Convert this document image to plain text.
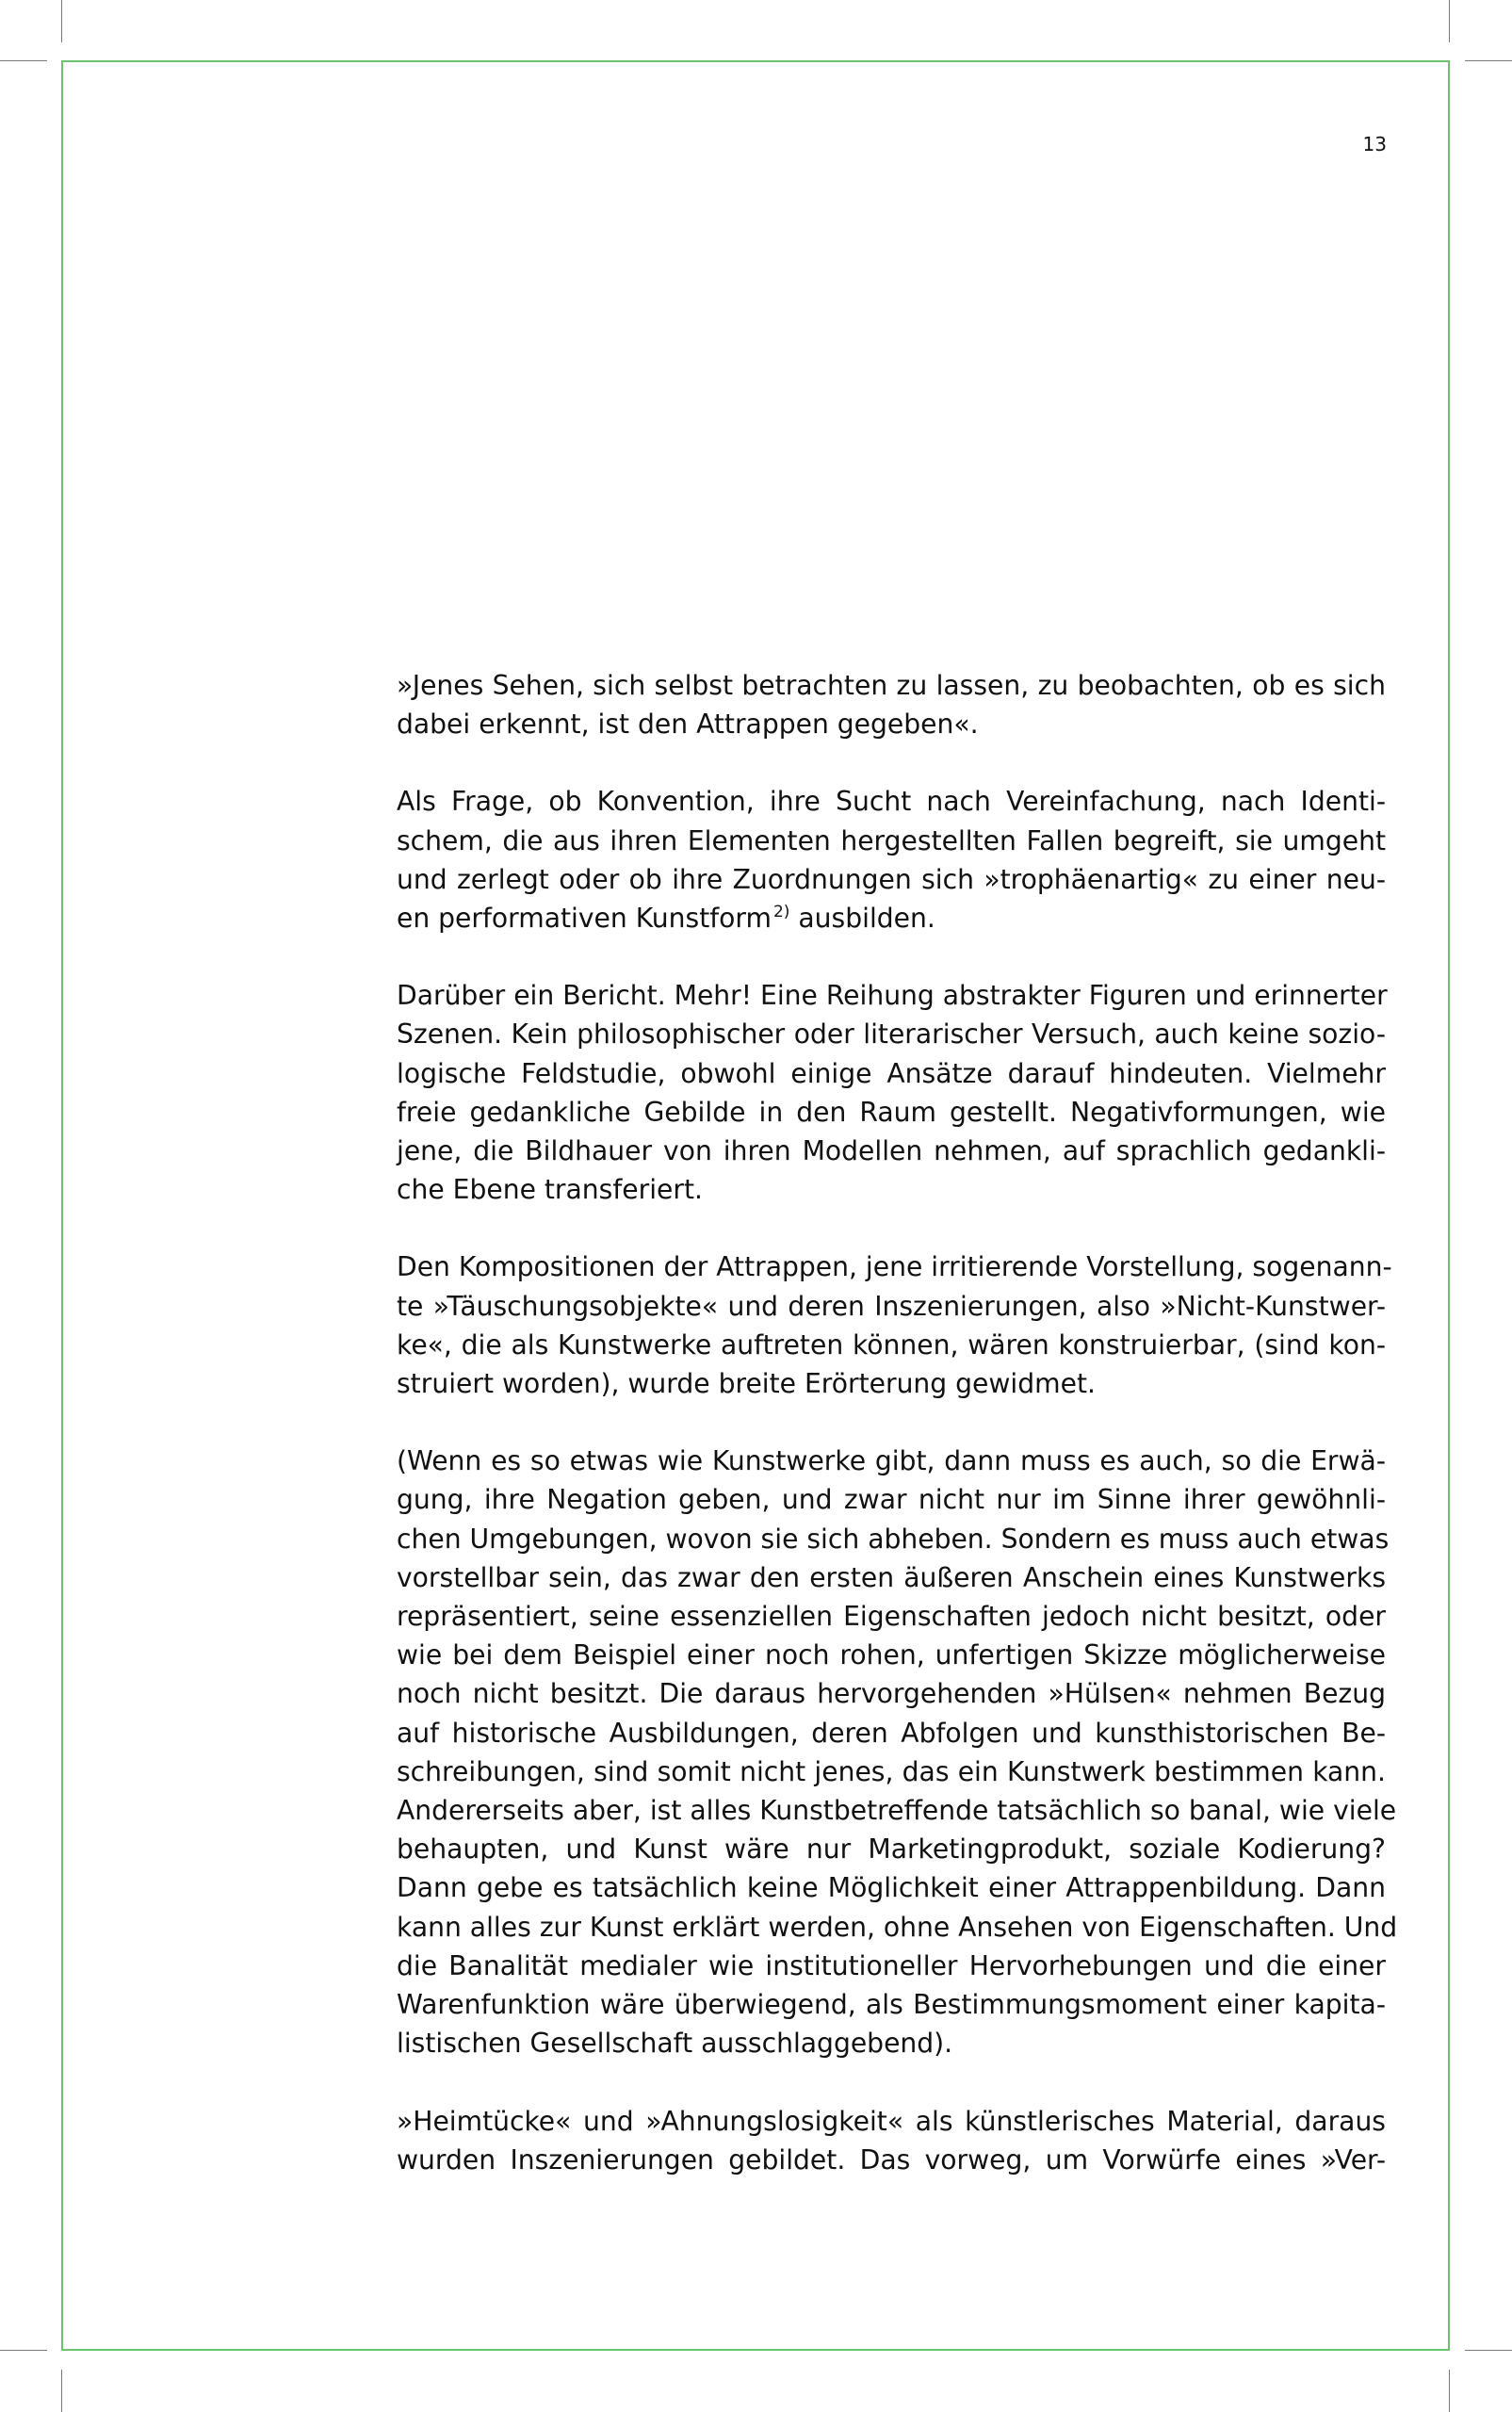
13

»Jenes Sehen, sich selbst betrachten zu lassen, zu beobachten, ob es sich
dabei erkennt, ist den Attrappen gegeben«.

Als Frage, ob Konvention, ihre Sucht nach Vereinfachung, nach Identi-
schem, die aus ihren Elementen hergestellten Fallen begreift, sie umgeht
und zerlegt oder ob ihre Zuordnungen sich »trophäenartig« zu einer neu-
en performativen Kunstform $^{2)}$ ausbilden.

Darüber ein Bericht. Mehr! Eine Reihung abstrakter Figuren und erinnerter
Szenen. Kein philosophischer oder literarischer Versuch, auch keine sozio-
logische Feldstudie, obwohl einige Ansätze darauf hindeuten. Vielmehr
freie gedankliche Gebilde in den Raum gestellt. Negativformungen, wie
jene, die Bildhauer von ihren Modellen nehmen, auf sprachlich gedankli-
che Ebene transferiert.

Den Kompositionen der Attrappen, jene irritierende Vorstellung, sogenann-
te »Täuschungsobjekte« und deren Inszenierungen, also »Nicht-Kunstwer-
ke«, die als Kunstwerke auftreten können, wären konstruierbar, (sind kon-
struiert worden), wurde breite Erörterung gewidmet.

(Wenn es so etwas wie Kunstwerke gibt, dann muss es auch, so die Erwä-
gung, ihre Negation geben, und zwar nicht nur im Sinne ihrer gewöhnli-
chen Umgebungen, wovon sie sich abheben. Sondern es muss auch etwas
vorstellbar sein, das zwar den ersten äußeren Anschein eines Kunstwerks
repräsentiert, seine essenziellen Eigenschaften jedoch nicht besitzt, oder
wie bei dem Beispiel einer noch rohen, unfertigen Skizze möglicherweise
noch nicht besitzt. Die daraus hervorgehenden »Hülsen« nehmen Bezug
auf historische Ausbildungen, deren Abfolgen und kunsthistorischen Be-
schreibungen, sind somit nicht jenes, das ein Kunstwerk bestimmen kann.
Andererseits aber, ist alles Kunstbetreffende tatsächlich so banal, wie viele
behaupten, und Kunst wäre nur Marketingprodukt, soziale Kodierung?
Dann gebe es tatsächlich keine Möglichkeit einer Attrappenbildung. Dann
kann alles zur Kunst erklärt werden, ohne Ansehen von Eigenschaften. Und
die Banalität medialer wie institutioneller Hervorhebungen und die einer
Warenfunktion wäre überwiegend, als Bestimmungsmoment einer kapita-
listischen Gesellschaft ausschlaggebend).

»Heimtücke« und »Ahnungslosigkeit« als künstlerisches Material, daraus
wurden Inszenierungen gebildet. Das vorweg, um Vorwürfe eines »Ver-
